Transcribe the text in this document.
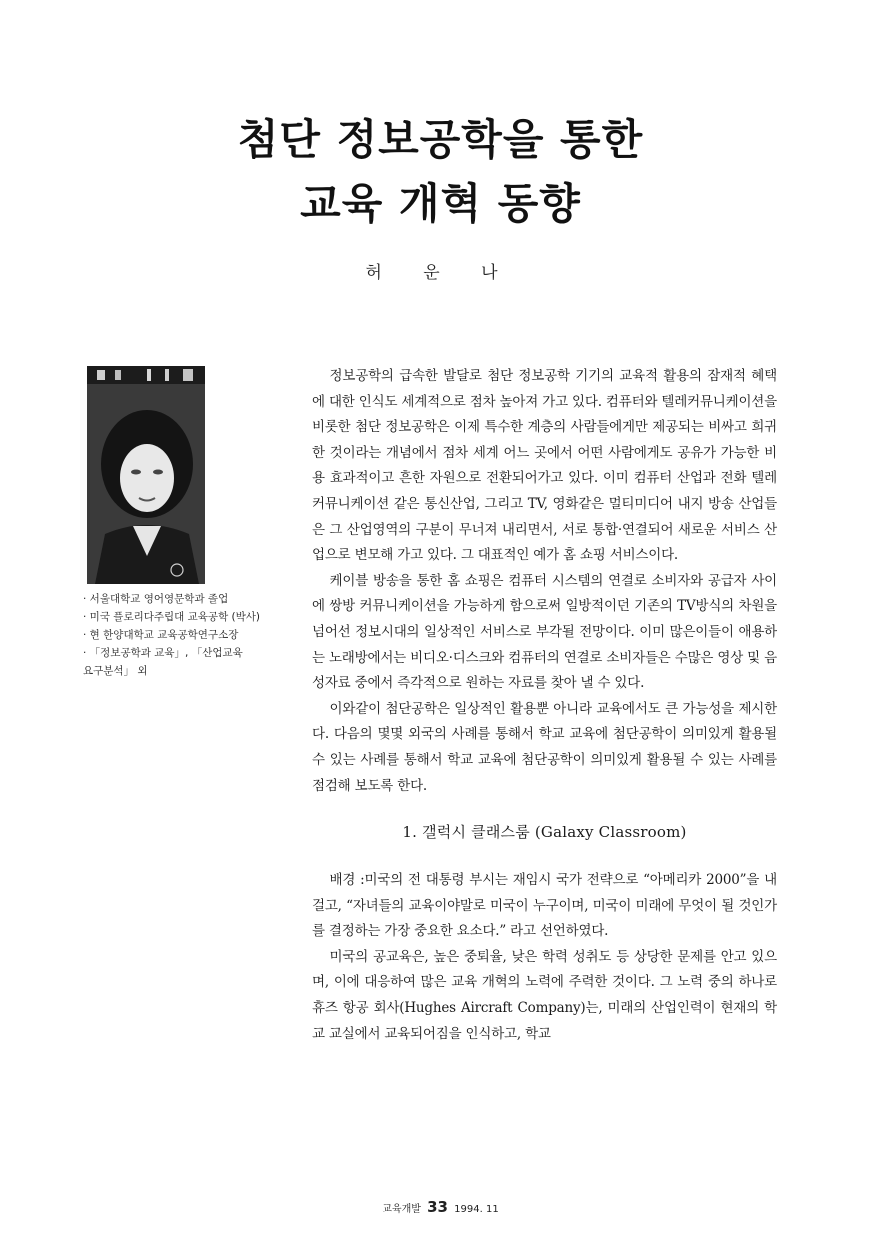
첨단 정보공학을 통한
교육 개혁 동향
허 운 나
· 서울대학교 영어영문학과 졸업
· 미국 플로리다주립대 교육공학 (박사)
· 현 한양대학교 교육공학연구소장
· 「정보공학과 교육」, 「산업교육
요구분석」 외

정보공학의 급속한 발달로 첨단 정보공학 기기의 교육적 활용의 잠재적 혜택에 대한 인식도 세계적으로 점차 높아져 가고 있다. 컴퓨터와 텔레커뮤니케이션을 비롯한 첨단 정보공학은 이제 특수한 계층의 사람들에게만 제공되는 비싸고 희귀한 것이라는 개념에서 점차 세계 어느 곳에서 어떤 사람에게도 공유가 가능한 비용 효과적이고 흔한 자원으로 전환되어가고 있다. 이미 컴퓨터 산업과 전화 텔레커뮤니케이션 같은 통신산업, 그리고 TV, 영화같은 멀티미디어 내지 방송 산업들은 그 산업영역의 구분이 무너져 내리면서, 서로 통합·연결되어 새로운 서비스 산업으로 변모해 가고 있다. 그 대표적인 예가 홈 쇼핑 서비스이다.

케이블 방송을 통한 홈 쇼핑은 컴퓨터 시스템의 연결로 소비자와 공급자 사이에 쌍방 커뮤니케이션을 가능하게 함으로써 일방적이던 기존의 TV방식의 차원을 넘어선 정보시대의 일상적인 서비스로 부각될 전망이다. 이미 많은이들이 애용하는 노래방에서는 비디오·디스크와 컴퓨터의 연결로 소비자들은 수많은 영상 및 음성자료 중에서 즉각적으로 원하는 자료를 찾아 낼 수 있다.

이와같이 첨단공학은 일상적인 활용뿐 아니라 교육에서도 큰 가능성을 제시한다. 다음의 몇몇 외국의 사례를 통해서 학교 교육에 첨단공학이 의미있게 활용될 수 있는 사례를 통해서 학교 교육에 첨단공학이 의미있게 활용될 수 있는 사례를 점검해 보도록 한다.

1. 갤럭시 클래스룸 (Galaxy Classroom)

배경 :미국의 전 대통령 부시는 재임시 국가 전략으로 “아메리카 2000”을 내걸고, “자녀들의 교육이야말로 미국이 누구이며, 미국이 미래에 무엇이 될 것인가를 결정하는 가장 중요한 요소다.” 라고 선언하였다.

미국의 공교육은, 높은 중퇴율, 낮은 학력 성취도 등 상당한 문제를 안고 있으며, 이에 대응하여 많은 교육 개혁의 노력에 주력한 것이다. 그 노력 중의 하나로 휴즈 항공 회사(Hughes Aircraft Company)는, 미래의 산업인력이 현재의 학교 교실에서 교육되어짐을 인식하고, 학교

교육개발 33 1994. 11
